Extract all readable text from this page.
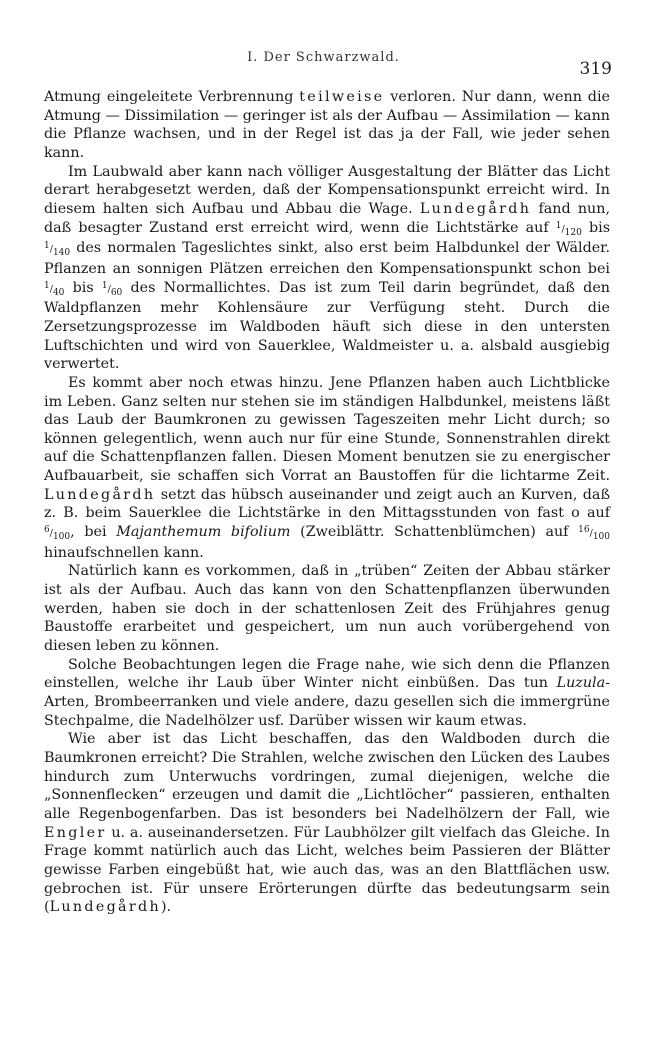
I. Der Schwarzwald.
319

Atmung eingeleitete Verbrennung teilweise verloren. Nur dann, wenn die Atmung — Dissimilation — geringer ist als der Aufbau — Assimilation — kann die Pflanze wachsen, und in der Regel ist das ja der Fall, wie jeder sehen kann.

Im Laubwald aber kann nach völliger Ausgestaltung der Blätter das Licht derart herabgesetzt werden, daß der Kompensationspunkt erreicht wird. In diesem halten sich Aufbau und Abbau die Wage. Lundegårdh fand nun, daß besagter Zustand erst erreicht wird, wenn die Lichtstärke auf $^1/_{120}$ bis $^1/_{140}$ des normalen Tageslichtes sinkt, also erst beim Halbdunkel der Wälder. Pflanzen an sonnigen Plätzen erreichen den Kompensationspunkt schon bei $^1/_{40}$ bis $^1/_{60}$ des Normallichtes. Das ist zum Teil darin begründet, daß den Waldpflanzen mehr Kohlensäure zur Verfügung steht. Durch die Zersetzungsprozesse im Waldboden häuft sich diese in den untersten Luftschichten und wird von Sauerklee, Waldmeister u. a. alsbald ausgiebig verwertet.

Es kommt aber noch etwas hinzu. Jene Pflanzen haben auch Lichtblicke im Leben. Ganz selten nur stehen sie im ständigen Halbdunkel, meistens läßt das Laub der Baumkronen zu gewissen Tageszeiten mehr Licht durch; so können gelegentlich, wenn auch nur für eine Stunde, Sonnenstrahlen direkt auf die Schattenpflanzen fallen. Diesen Moment benutzen sie zu energischer Aufbauarbeit, sie schaffen sich Vorrat an Baustoffen für die lichtarme Zeit. Lundegårdh setzt das hübsch auseinander und zeigt auch an Kurven, daß z. B. beim Sauerklee die Lichtstärke in den Mittagsstunden von fast o auf $^6/_{100}$, bei Majanthemum bifolium (Zweiblättr. Schattenblümchen) auf $^{16}/_{100}$ hinaufschnellen kann.

Natürlich kann es vorkommen, daß in „trüben“ Zeiten der Abbau stärker ist als der Aufbau. Auch das kann von den Schattenpflanzen überwunden werden, haben sie doch in der schattenlosen Zeit des Frühjahres genug Baustoffe erarbeitet und gespeichert, um nun auch vorübergehend von diesen leben zu können.

Solche Beobachtungen legen die Frage nahe, wie sich denn die Pflanzen einstellen, welche ihr Laub über Winter nicht einbüßen. Das tun Luzula-Arten, Brombeerranken und viele andere, dazu gesellen sich die immergrüne Stechpalme, die Nadelhölzer usf. Darüber wissen wir kaum etwas.

Wie aber ist das Licht beschaffen, das den Waldboden durch die Baumkronen erreicht? Die Strahlen, welche zwischen den Lücken des Laubes hindurch zum Unterwuchs vordringen, zumal diejenigen, welche die „Sonnenflecken“ erzeugen und damit die „Lichtlöcher“ passieren, enthalten alle Regenbogenfarben. Das ist besonders bei Nadelhölzern der Fall, wie Engler u. a. auseinandersetzen. Für Laubhölzer gilt vielfach das Gleiche. In Frage kommt natürlich auch das Licht, welches beim Passieren der Blätter gewisse Farben eingebüßt hat, wie auch das, was an den Blattflächen usw. gebrochen ist. Für unsere Erörterungen dürfte das bedeutungsarm sein (Lundegårdh).
